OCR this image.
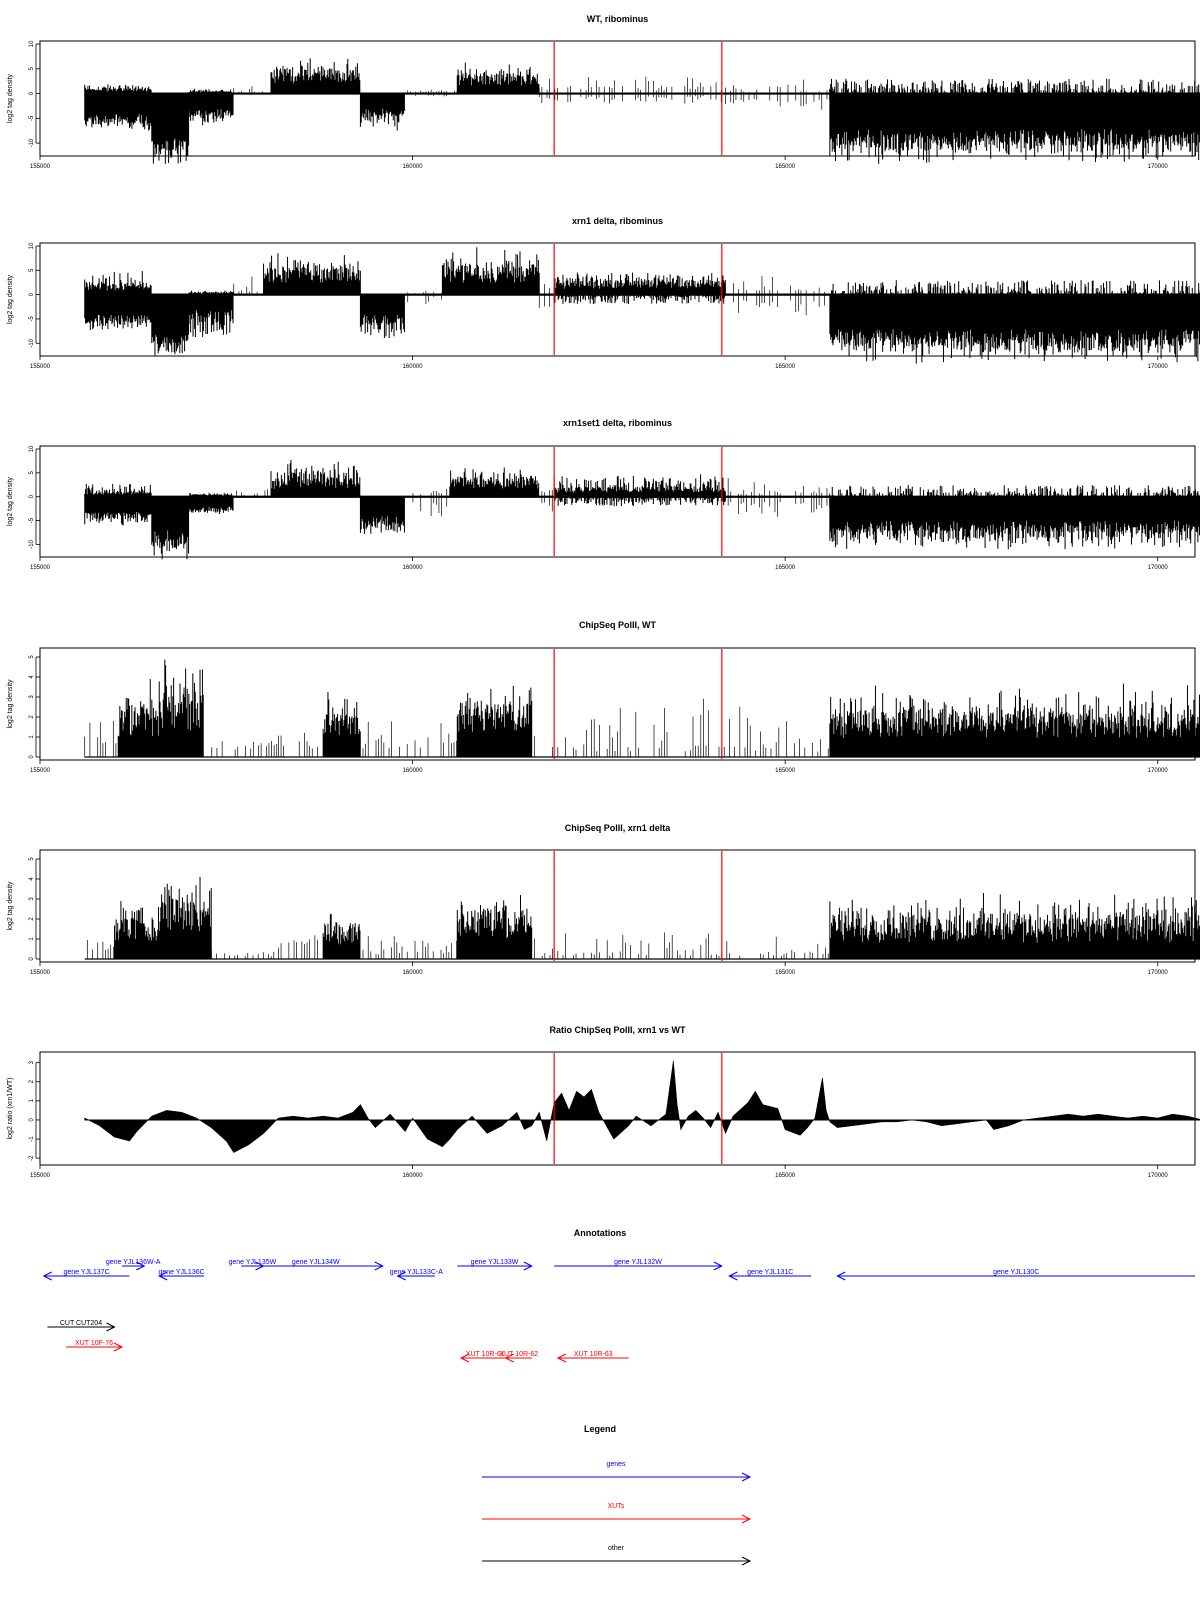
WT, ribominus
-10
-5
0
5
10
log2 tag density
155000	160000	165000	170000
xrn1 delta, ribominus
-10
-5
0
5
10
log2 tag density
155000	160000	165000	170000
xrn1set1 delta, ribominus
-10
-5
0
5
10
log2 tag density
155000	160000	165000	170000
ChipSeq PolII, WT
0
1
2
3
4
5
log2 tag density
155000	160000	165000	170000
ChipSeq PolII, xrn1 delta
0
1
2
3
4
5
log2 tag density
155000	160000	165000	170000
Ratio ChipSeq PolII, xrn1 vs WT
-2
-1
0
1
2
3
log2 ratio (xrn1/WT)
155000	160000	165000	170000
gene YJL137C
gene YJL136W-A
gene YJL136C
gene YJL135W gene YJL134W
gene YJL133C-A
gene YJL133W	gene YJL132W
gene YJL131C	gene YJL130C
CUT CUT204
XUT 10F-76
XUT 10R-61
XUT 10R-62	XUT 10R-63
Annotations
genes
XUTs
other
Legend
